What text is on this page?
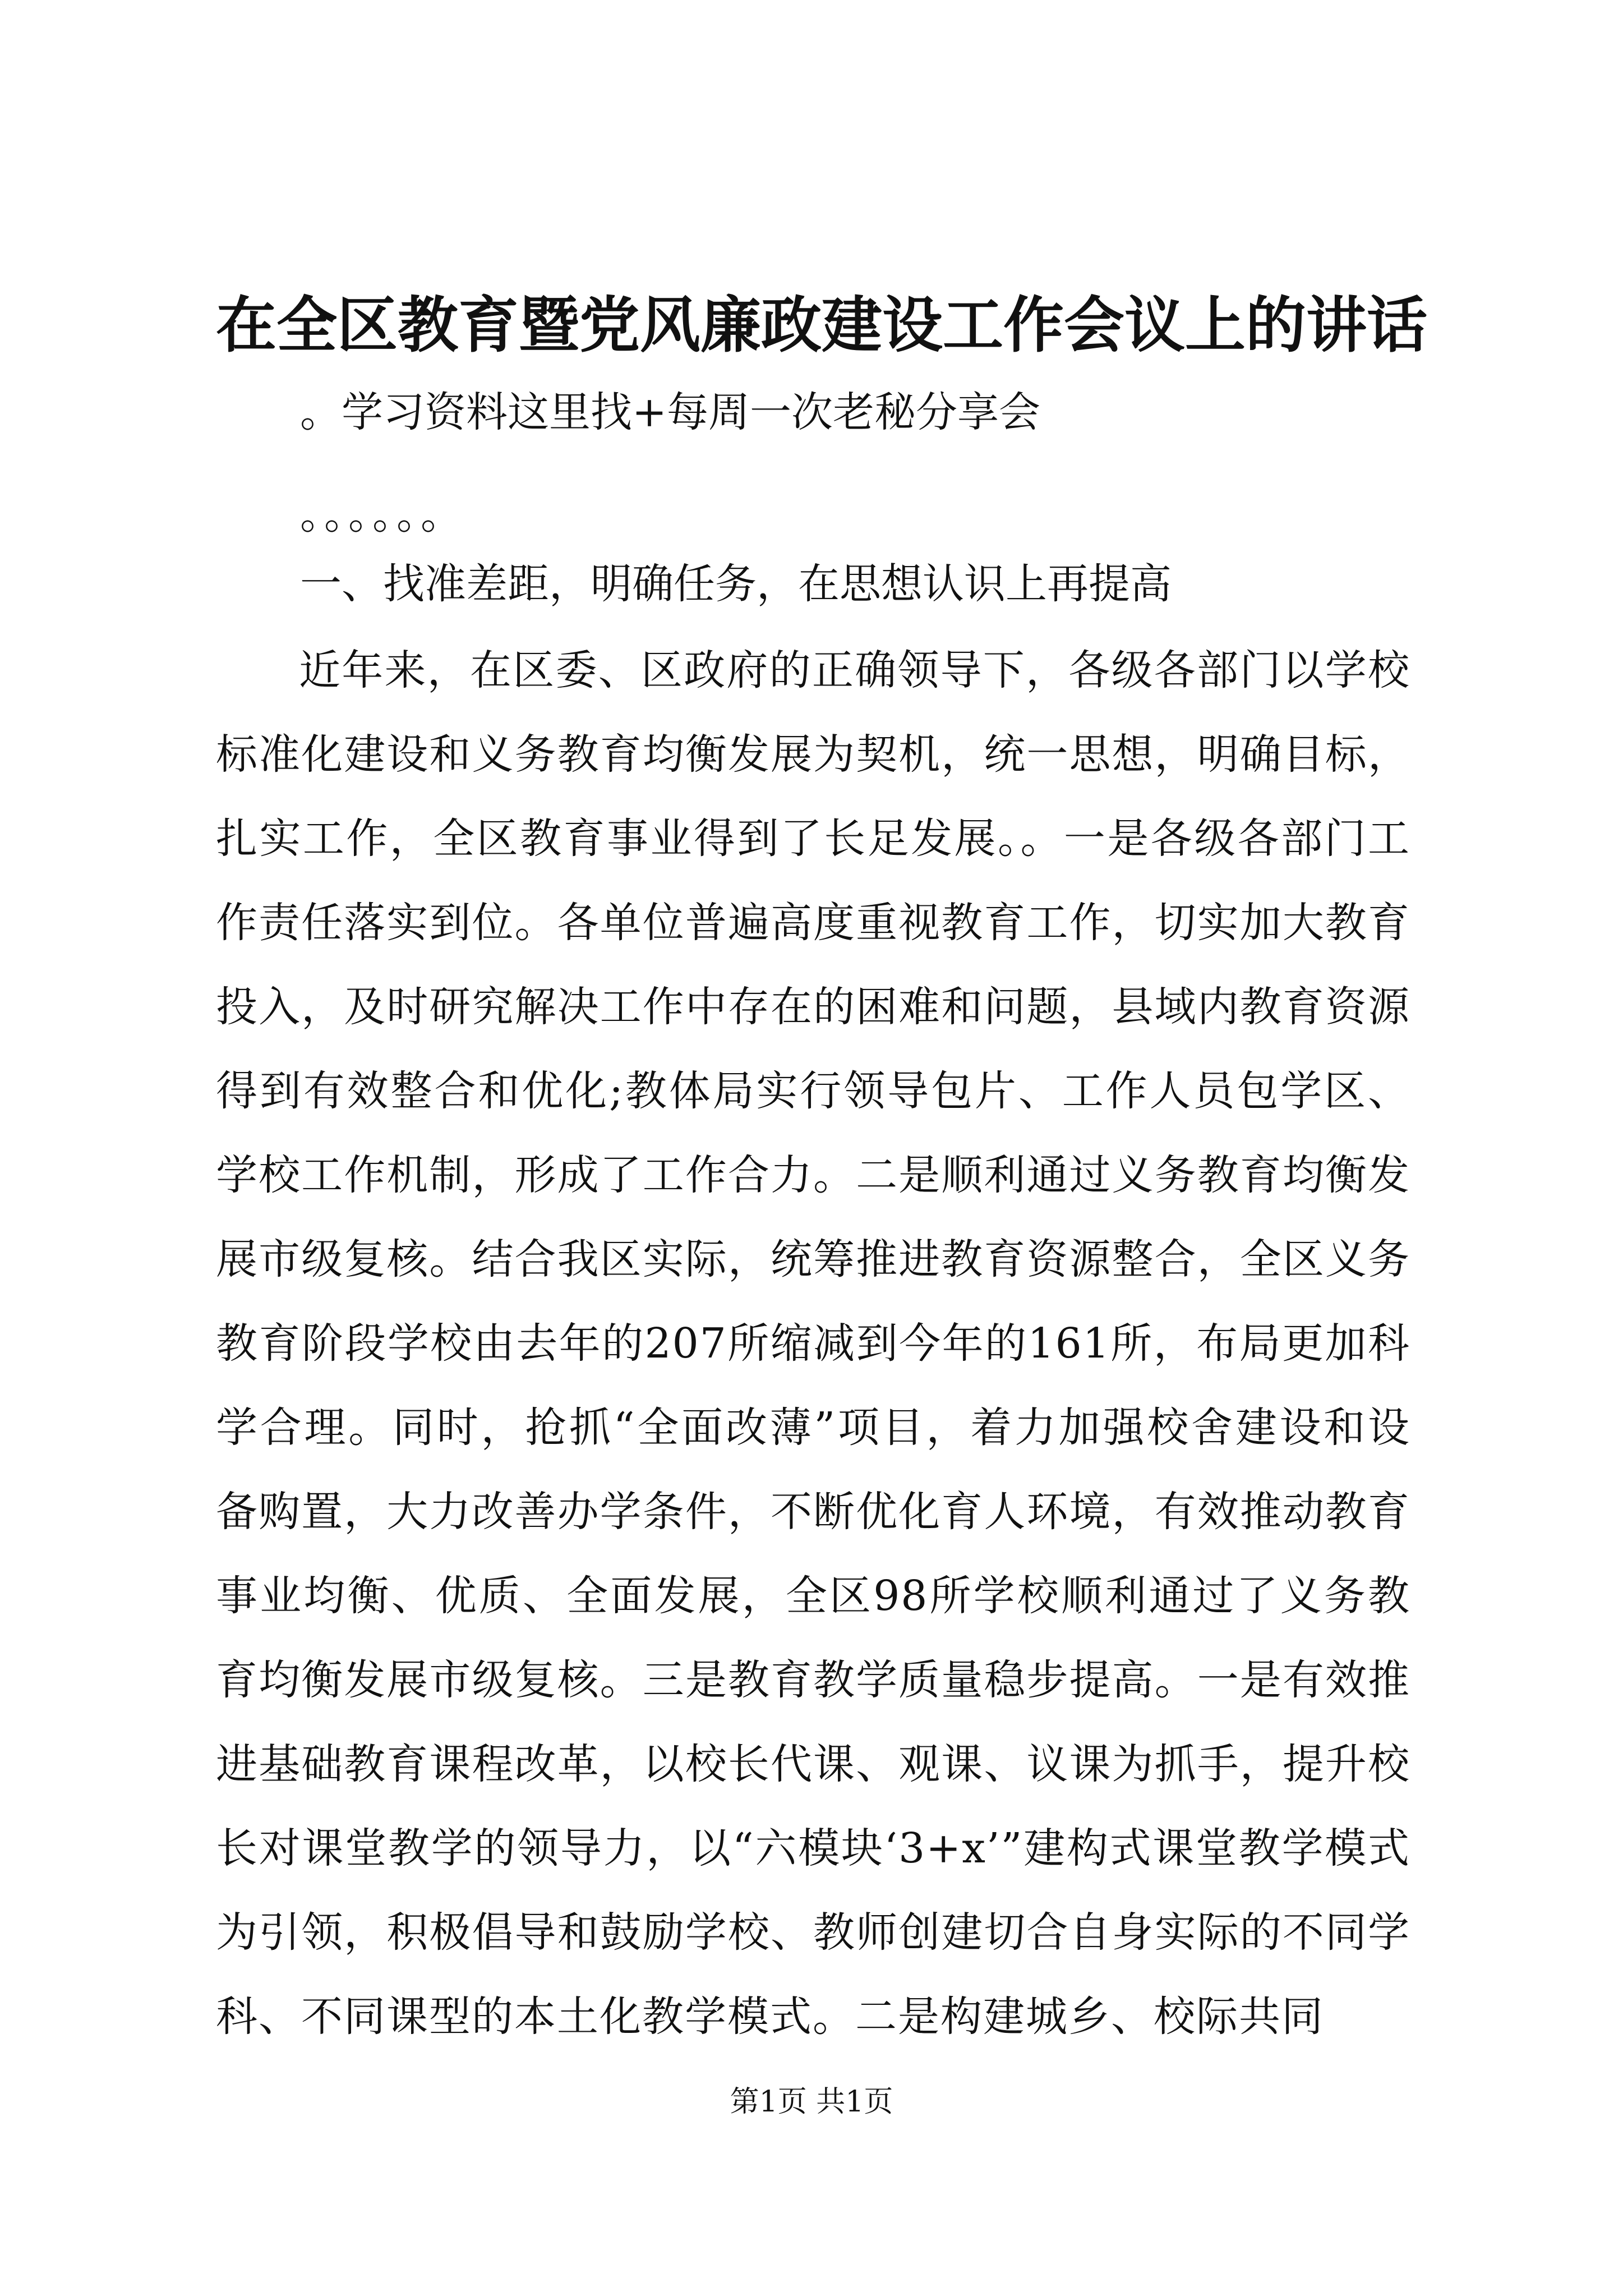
在全区教育暨党风廉政建设工作会议上的讲话
。学习资料这里找+每周一次老秘分享会
。。。。。。
一、找准差距，明确任务，在思想认识上再提高
近年来，在区委、区政府的正确领导下，各级各部门以学校标准化建设和义务教育均衡发展为契机，统一思想，明确目标，扎实工作，全区教育事业得到了长足发展。。一是各级各部门工作责任落实到位。各单位普遍高度重视教育工作，切实加大教育投入，及时研究解决工作中存在的困难和问题，县域内教育资源得到有效整合和优化;教体局实行领导包片、工作人员包学区、学校工作机制，形成了工作合力。二是顺利通过义务教育均衡发展市级复核。结合我区实际，统筹推进教育资源整合，全区义务教育阶段学校由去年的207所缩减到今年的161所，布局更加科学合理。同时，抢抓“全面改薄”项目，着力加强校舍建设和设备购置，大力改善办学条件，不断优化育人环境，有效推动教育事业均衡、优质、全面发展，全区98所学校顺利通过了义务教育均衡发展市级复核。三是教育教学质量稳步提高。一是有效推进基础教育课程改革，以校长代课、观课、议课为抓手，提升校长对课堂教学的领导力，以“六模块‘3+x’”建构式课堂教学模式为引领，积极倡导和鼓励学校、教师创建切合自身实际的不同学科、不同课型的本土化教学模式。二是构建城乡、校际共同
第1页 共1页
